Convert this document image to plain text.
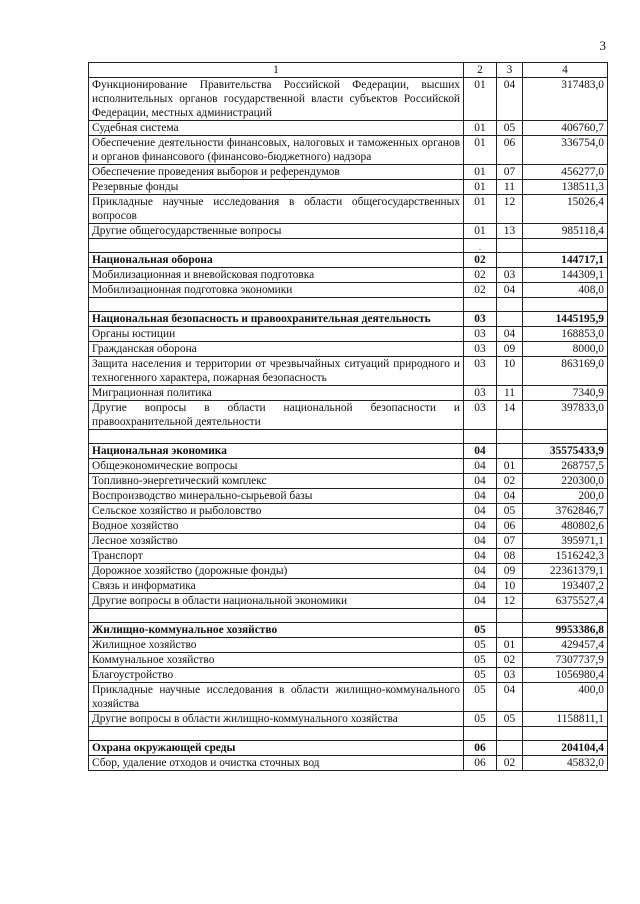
3
1	2	3	4
Функционирование Правительства Российской Федерации, высших исполнительных органов государственной власти субъектов Российской Федерации, местных администраций	01	04	317483,0
Судебная система	01	05	406760,7
Обеспечение деятельности финансовых, налоговых и таможенных органов и органов финансового (финансово-бюджетного) надзора	01	06	336754,0
Обеспечение проведения выборов и референдумов	01	07	456277,0
Резервные фонды	01	11	138511,3
Прикладные научные исследования в области общегосударственных вопросов	01	12	15026,4
Другие общегосударственные вопросы	01	13	985118,4
	.		
Национальная оборона	02		144717,1
Мобилизационная и вневойсковая подготовка	02	03	144309,1
Мобилизационная подготовка экономики	02	04	408,0

Национальная безопасность и правоохранительная деятельность	03		1445195,9
Органы юстиции	03	04	168853,0
Гражданская оборона	03	09	8000,0
Защита населения и территории от чрезвычайных ситуаций природного и техногенного характера, пожарная безопасность	03	10	863169,0
Миграционная политика	03	11	7340,9
Другие вопросы в области национальной безопасности и правоохранительной деятельности	03	14	397833,0

Национальная экономика	04		35575433,9
Общеэкономические вопросы	04	01	268757,5
Топливно-энергетический комплекс	04	02	220300,0
Воспроизводство минерально-сырьевой базы	04	04	200,0
Сельское хозяйство и рыболовство	04	05	3762846,7
Водное хозяйство	04	06	480802,6
Лесное хозяйство	04	07	395971,1
Транспорт	04	08	1516242,3
Дорожное хозяйство (дорожные фонды)	04	09	22361379,1
Связь и информатика	04	10	193407,2
Другие вопросы в области национальной экономики	04	12	6375527,4

Жилищно-коммунальное хозяйство	05		9953386,8
Жилищное хозяйство	05	01	429457,4
Коммунальное хозяйство	05	02	7307737,9
Благоустройство	05	03	1056980,4
Прикладные научные исследования в области жилищно-коммунального хозяйства	05	04	400,0
Другие вопросы в области жилищно-коммунального хозяйства	05	05	1158811,1

Охрана окружающей среды	06		204104,4
Сбор, удаление отходов и очистка сточных вод	06	02	45832,0
